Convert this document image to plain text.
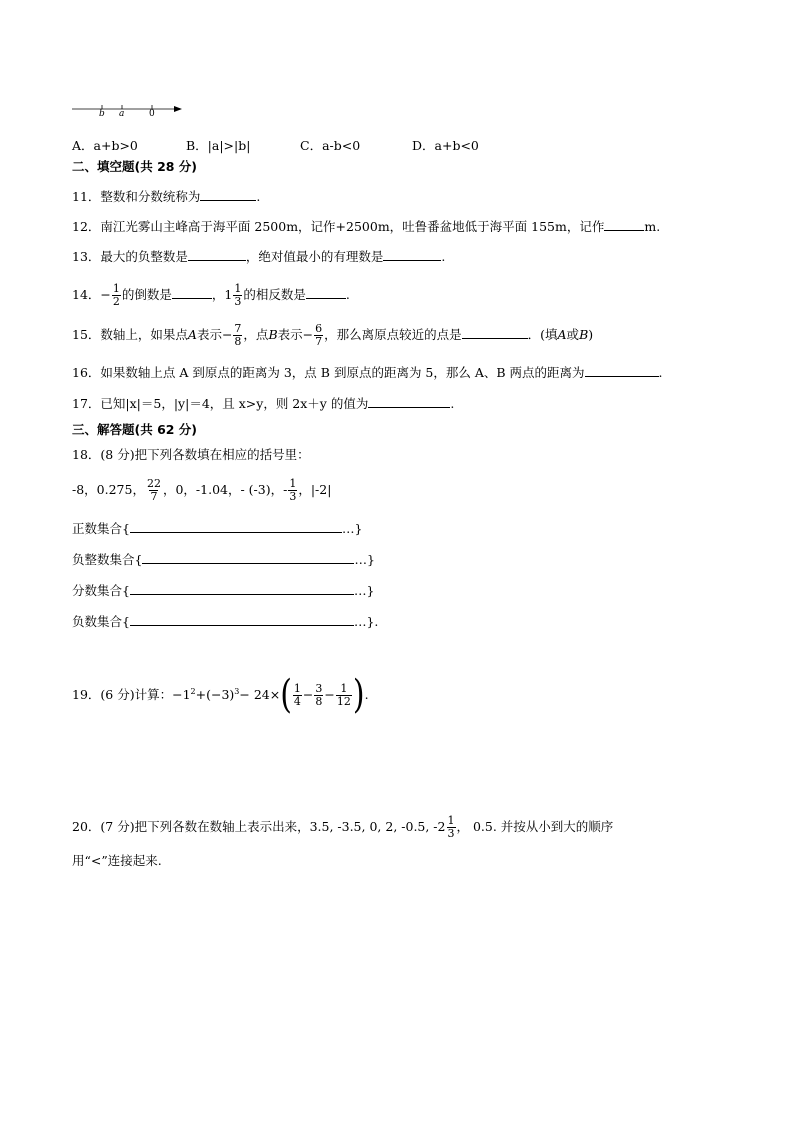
b a	0
A．a+b>0	B．|a|>|b|	C．a-b<0	D．a+b<0
二、填空题(共 28 分)
11．整数和分数统称为	.
12．南江光雾山主峰高于海平面 2500m，记作+2500m，吐鲁番盆地低于海平面 155m，记作	m.
13．最大的负整数是	，绝对值最小的有理数是	.
14．− $\frac{1}{2}$ 的倒数是	，$1 \frac{1}{3}$ 的相反数是	.
15．数轴上，如果点A表示− $\frac{7}{8}$ ，点B表示− $\frac{6}{7}$ ，那么离原点较近的点是	．(填A或B)
16．如果数轴上点 A 到原点的距离为 3，点 B 到原点的距离为 5，那么 A、B 两点的距离为	.
17．已知|x|＝5，|y|＝4，且 x>y，则 2x＋y 的值为	.
三、解答题(共 62 分)
18．(8 分)把下列各数填在相应的括号里：
-8，0.275， $\frac{22}{7}$ ，0，-1.04，- (-3)，- $\frac{1}{3}$ ，|-2|
正数集合{	…}
负整数集合{	…}
分数集合{	…}
负数集合{	…}.
19．(6 分)计算：$-1^2+(-3)^3- 24\times( \frac{1}{4} - \frac{3}{8} - \frac{1}{12}$ ).
20．(7 分)把下列各数在数轴上表示出来，3.5, -3.5, 0, 2, -0.5, $-2 \frac{1}{3}$ ， 0.5. 并按从小到大的顺序
用“<”连接起来.
